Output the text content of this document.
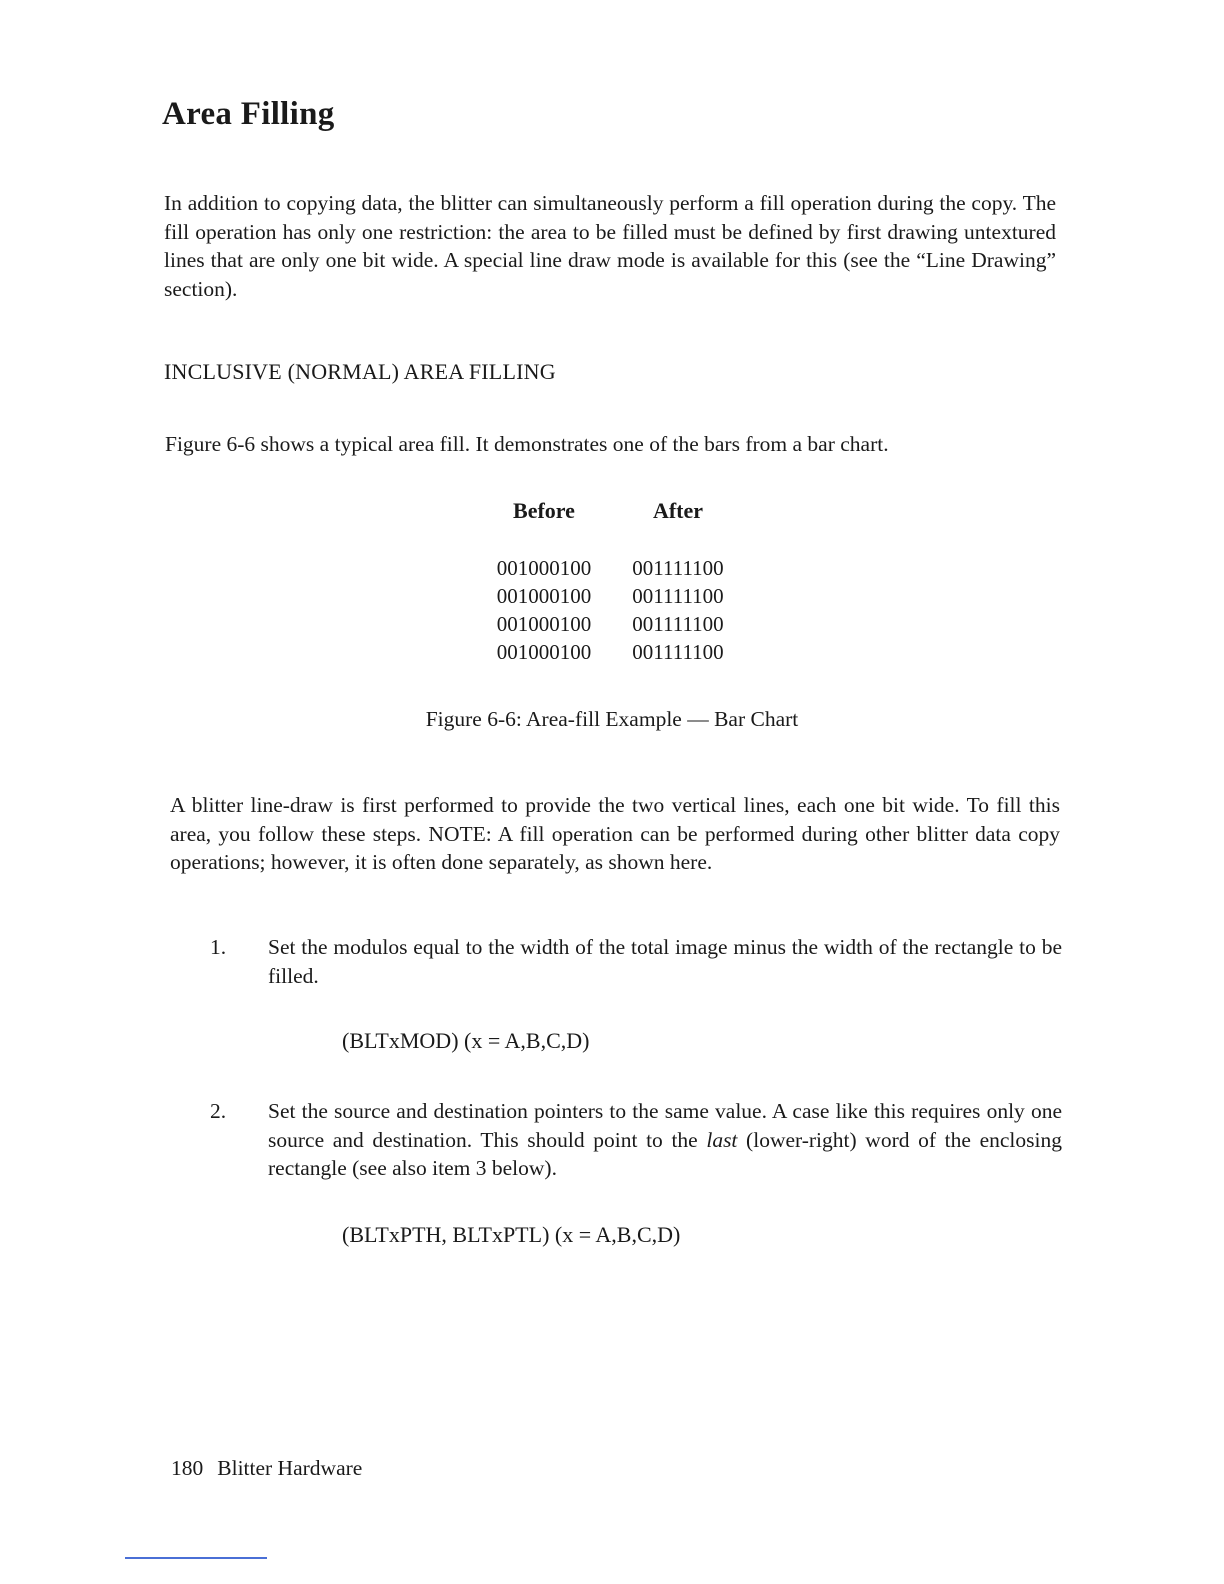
Area Filling

In addition to copying data, the blitter can simultaneously perform a fill operation during the copy. The fill operation has only one restriction: the area to be filled must be defined by first drawing untextured lines that are only one bit wide. A special line draw mode is available for this (see the “Line Drawing” section).

INCLUSIVE (NORMAL) AREA FILLING

Figure 6-6 shows a typical area fill. It demonstrates one of the bars from a bar chart.

Before	After
001000100	001111100
001000100	001111100
001000100	001111100
001000100	001111100

Figure 6-6: Area-fill Example — Bar Chart

A blitter line-draw is first performed to provide the two vertical lines, each one bit wide. To fill this area, you follow these steps. NOTE: A fill operation can be performed during other blitter data copy operations; however, it is often done separately, as shown here.

1.	Set the modulos equal to the width of the total image minus the width of the rectangle to be filled.

(BLTxMOD) (x = A,B,C,D)

2.	Set the source and destination pointers to the same value. A case like this requires only one source and destination. This should point to the last (lower-right) word of the enclosing rectangle (see also item 3 below).

(BLTxPTH, BLTxPTL) (x = A,B,C,D)

180 Blitter Hardware
